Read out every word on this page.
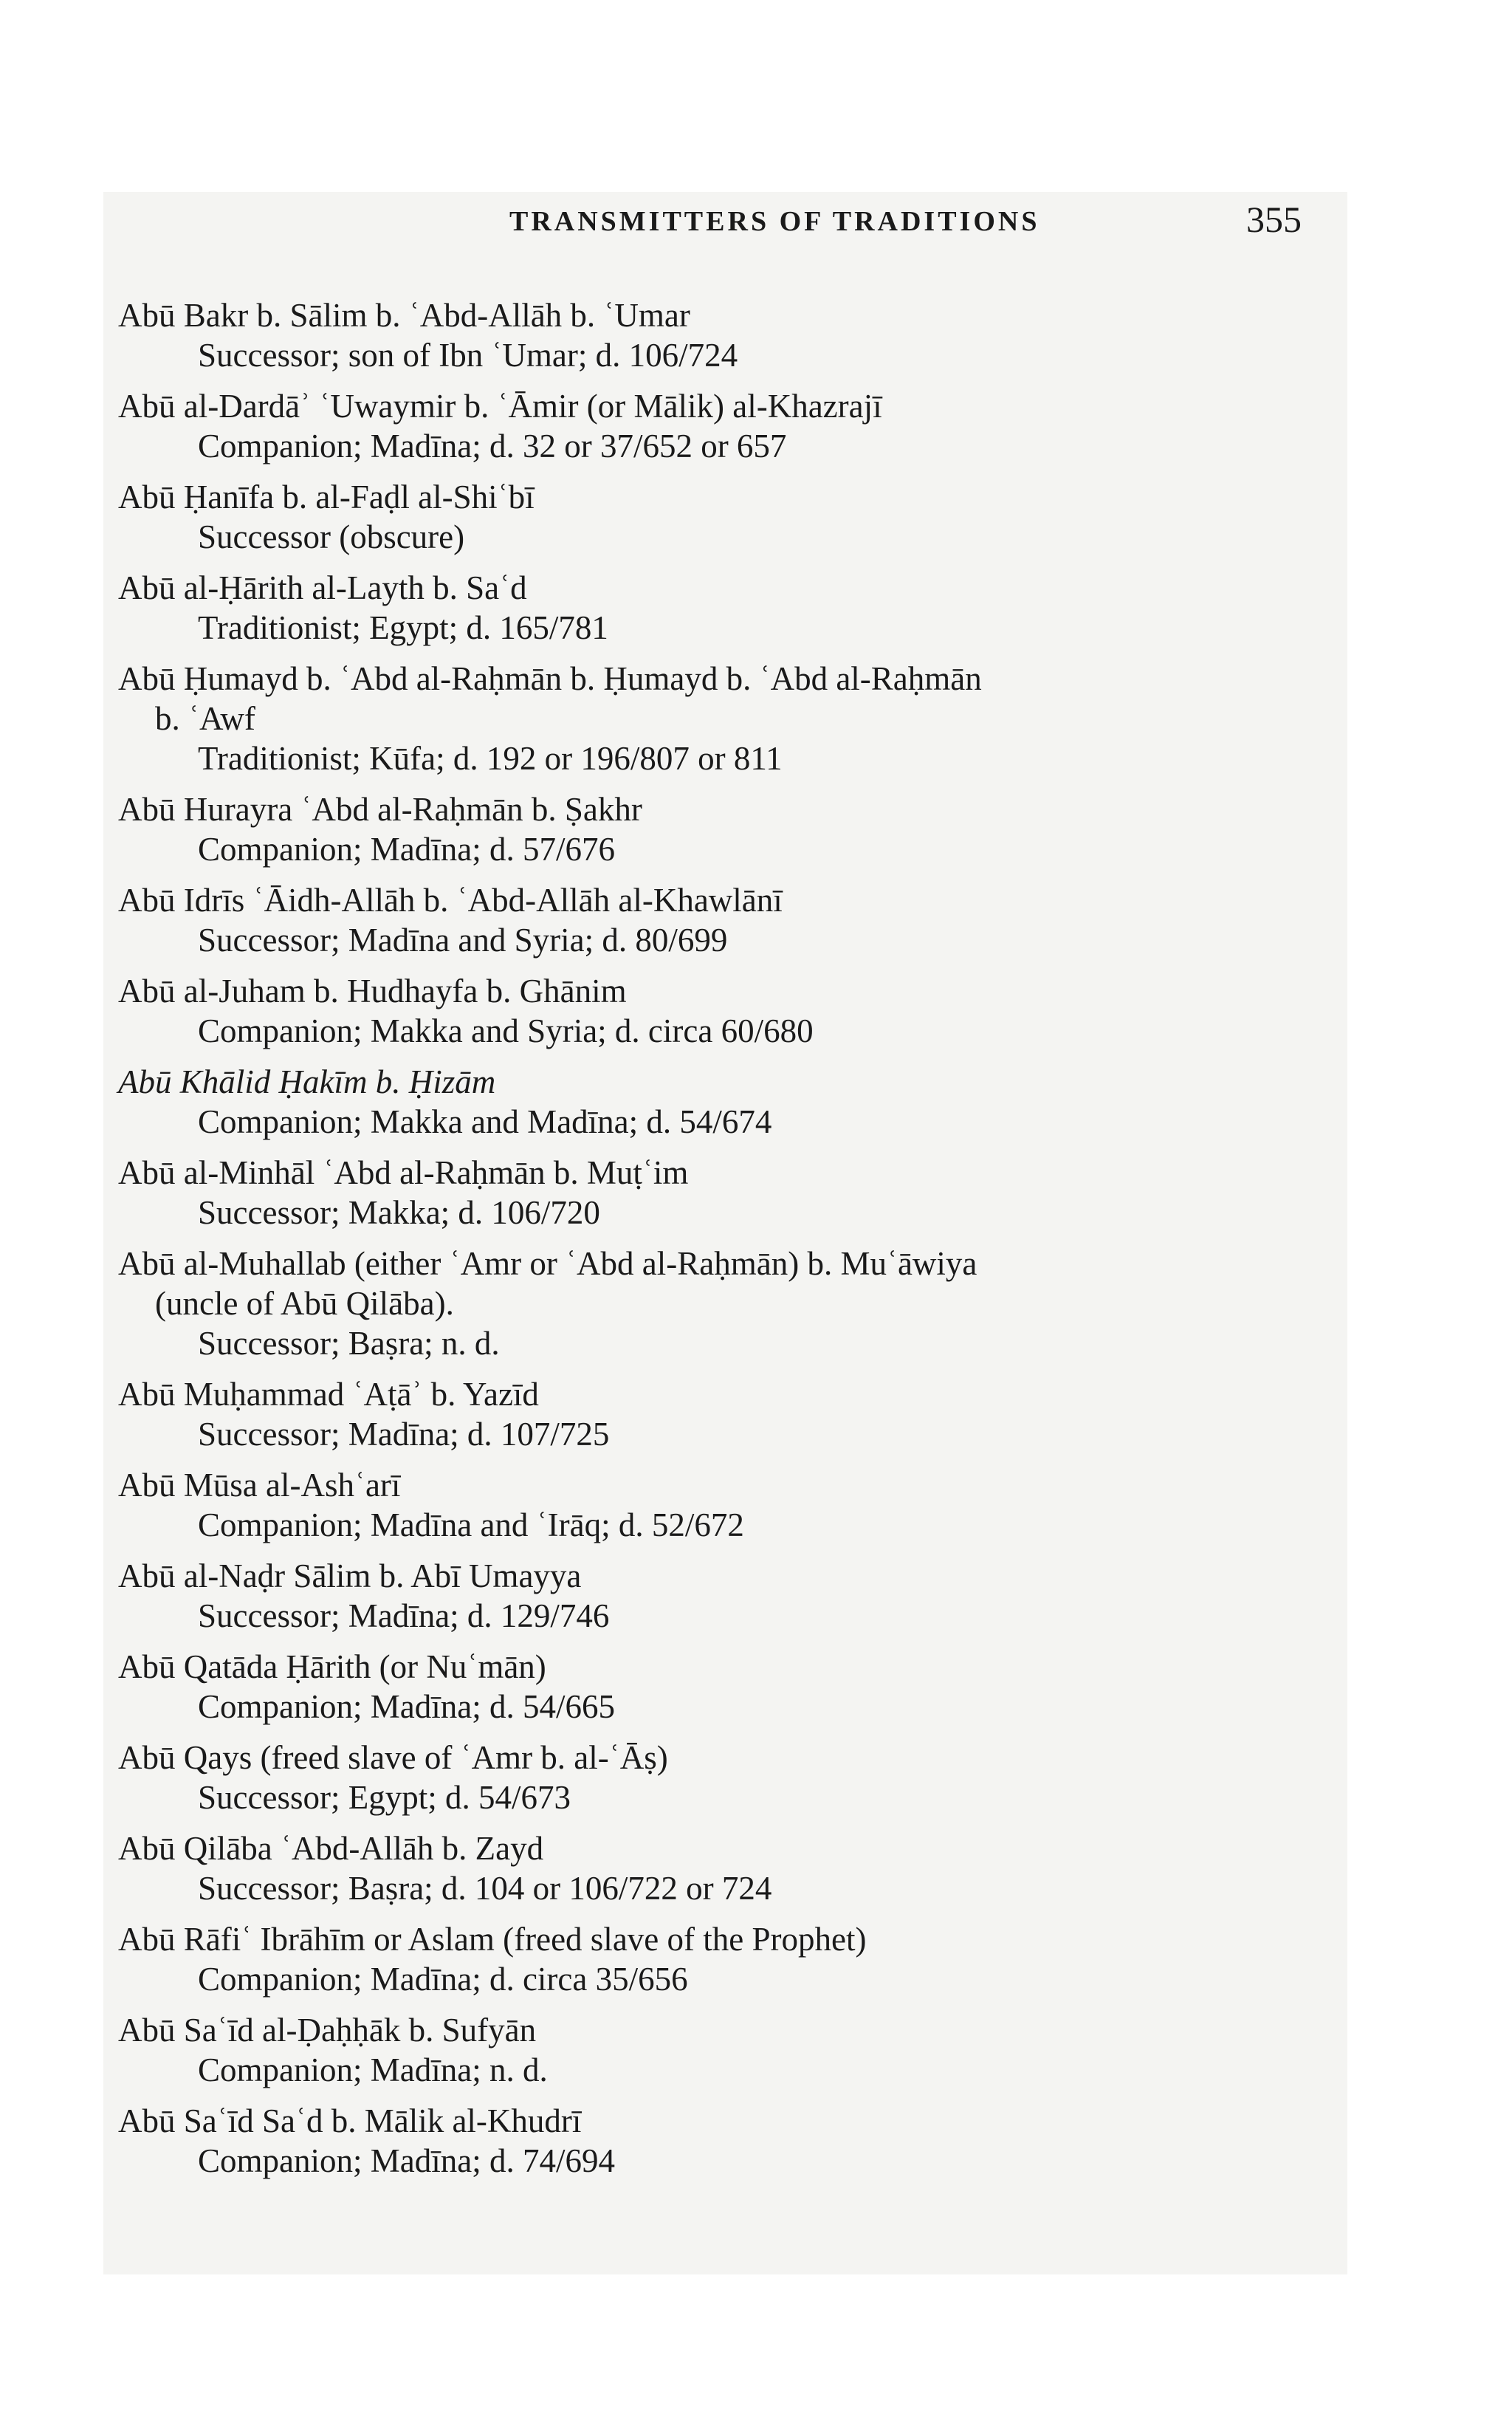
TRANSMITTERS OF TRADITIONS	355
Abū Bakr b. Sālim b. ʿAbd-Allāh b. ʿUmar
Successor; son of Ibn ʿUmar; d. 106/724
Abū al-Dardāʾ ʿUwaymir b. ʿĀmir (or Mālik) al-Khazrajī
Companion; Madīna; d. 32 or 37/652 or 657
Abū Ḥanīfa b. al-Faḍl al-Shiʿbī
Successor (obscure)
Abū al-Ḥārith al-Layth b. Saʿd
Traditionist; Egypt; d. 165/781
Abū Ḥumayd b. ʿAbd al-Raḥmān b. Ḥumayd b. ʿAbd al-Raḥmān
b. ʿAwf
Traditionist; Kūfa; d. 192 or 196/807 or 811
Abū Hurayra ʿAbd al-Raḥmān b. Ṣakhr
Companion; Madīna; d. 57/676
Abū Idrīs ʿĀidh-Allāh b. ʿAbd-Allāh al-Khawlānī
Successor; Madīna and Syria; d. 80/699
Abū al-Juham b. Hudhayfa b. Ghānim
Companion; Makka and Syria; d. circa 60/680
Abū Khālid Ḥakīm b. Ḥizām
Companion; Makka and Madīna; d. 54/674
Abū al-Minhāl ʿAbd al-Raḥmān b. Muṭʿim
Successor; Makka; d. 106/720
Abū al-Muhallab (either ʿAmr or ʿAbd al-Raḥmān) b. Muʿāwiya
(uncle of Abū Qilāba).
Successor; Baṣra; n. d.
Abū Muḥammad ʿAṭāʾ b. Yazīd
Successor; Madīna; d. 107/725
Abū Mūsa al-Ashʿarī
Companion; Madīna and ʿIrāq; d. 52/672
Abū al-Naḍr Sālim b. Abī Umayya
Successor; Madīna; d. 129/746
Abū Qatāda Ḥārith (or Nuʿmān)
Companion; Madīna; d. 54/665
Abū Qays (freed slave of ʿAmr b. al-ʿĀṣ)
Successor; Egypt; d. 54/673
Abū Qilāba ʿAbd-Allāh b. Zayd
Successor; Baṣra; d. 104 or 106/722 or 724
Abū Rāfiʿ Ibrāhīm or Aslam (freed slave of the Prophet)
Companion; Madīna; d. circa 35/656
Abū Saʿīd al-Ḍaḥḥāk b. Sufyān
Companion; Madīna; n. d.
Abū Saʿīd Saʿd b. Mālik al-Khudrī
Companion; Madīna; d. 74/694
